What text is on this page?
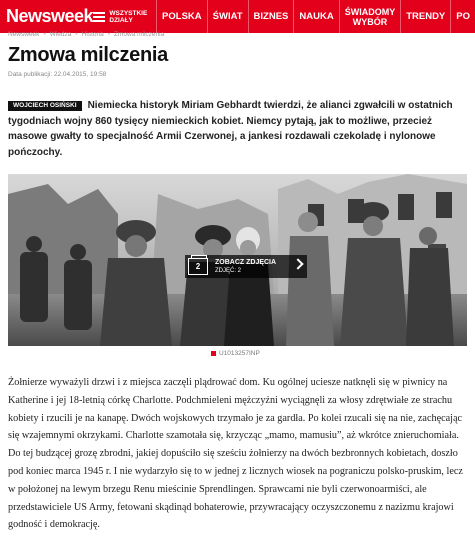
Newsweek	WSZYSTKIE
DZIAŁY	POLSKA	ŚWIAT	BIZNES	NAUKA	ŚWIADOMY
WYBÓR	TRENDY	PO
Newsweek • Wiedza • Historia • Zmowa milczenia
Zmowa milczenia
Data publikacji: 22.04.2015, 19:58

WOJCIECH OSIŃSKI Niemiecka historyk Miriam Gebhardt twierdzi, że alianci zgwałcili w ostatnich tygodniach wojny 860 tysięcy niemieckich kobiet. Niemcy pytają, jak to możliwe, przecież masowe gwałty to specjalność Armii Czerwonej, a jankesi rozdawali czekoladę i nylonowe pończochy.

2 ZOBACZ ZDJĘCIA
ZDJĘĆ: 2
U1013257INP

Żołnierze wyważyli drzwi i z miejsca zaczęli plądrować dom. Ku ogólnej uciesze natknęli się w piwnicy na Katherine i jej 18-letnią córkę Charlotte. Podchmieleni mężczyźni wyciągnęli za włosy zdrętwiałe ze strachu kobiety i rzucili je na kanapę. Dwóch wojskowych trzymało je za gardła. Po kolei rzucali się na nie, zachęcając się wzajemnymi okrzykami. Charlotte szamotała się, krzycząc „mamo, mamusiu”, aż wkrótce znieruchomiała. Do tej budzącej grozę zbrodni, jakiej dopuściło się sześciu żołnierzy na dwóch bezbronnych kobietach, doszło pod koniec marca 1945 r. I nie wydarzyło się to w jednej z licznych wiosek na pograniczu polsko-pruskim, lecz w położonej na lewym brzegu Renu mieścinie Sprendlingen. Sprawcami nie byli czerwonoarmiści, ale przedstawiciele US Army, fetowani skądinąd bohaterowie, przywracający oczyszczonemu z nazizmu krajowi godność i demokrację.
